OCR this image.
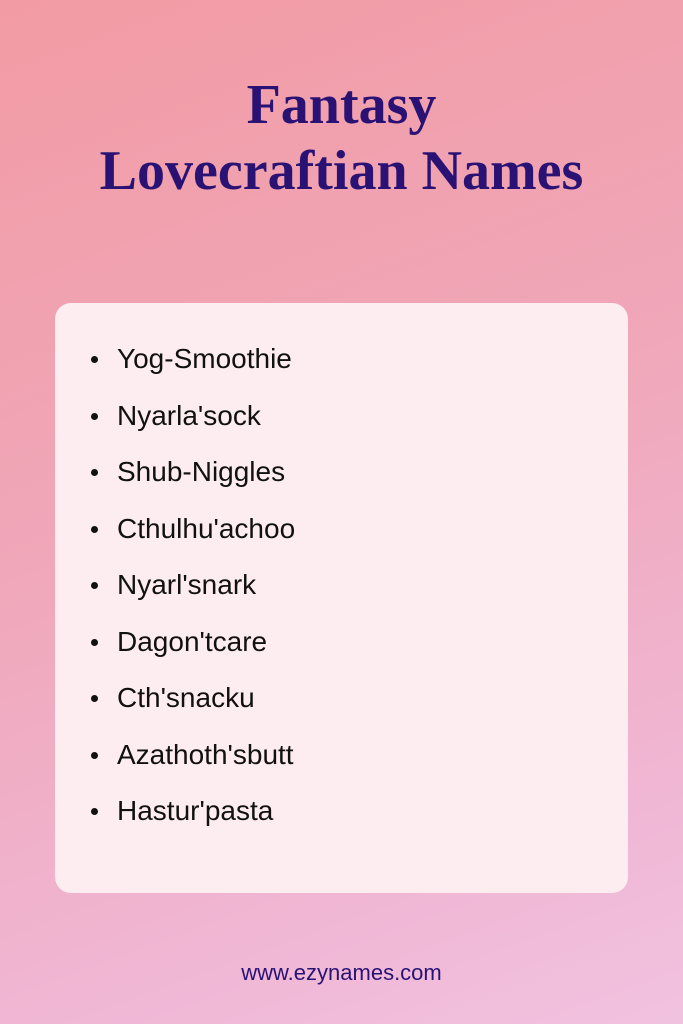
Fantasy
Lovecraftian Names
Yog-Smoothie
Nyarla'sock
Shub-Niggles
Cthulhu'achoo
Nyarl'snark
Dagon'tcare
Cth'snacku
Azathoth'sbutt
Hastur'pasta
www.ezynames.com
